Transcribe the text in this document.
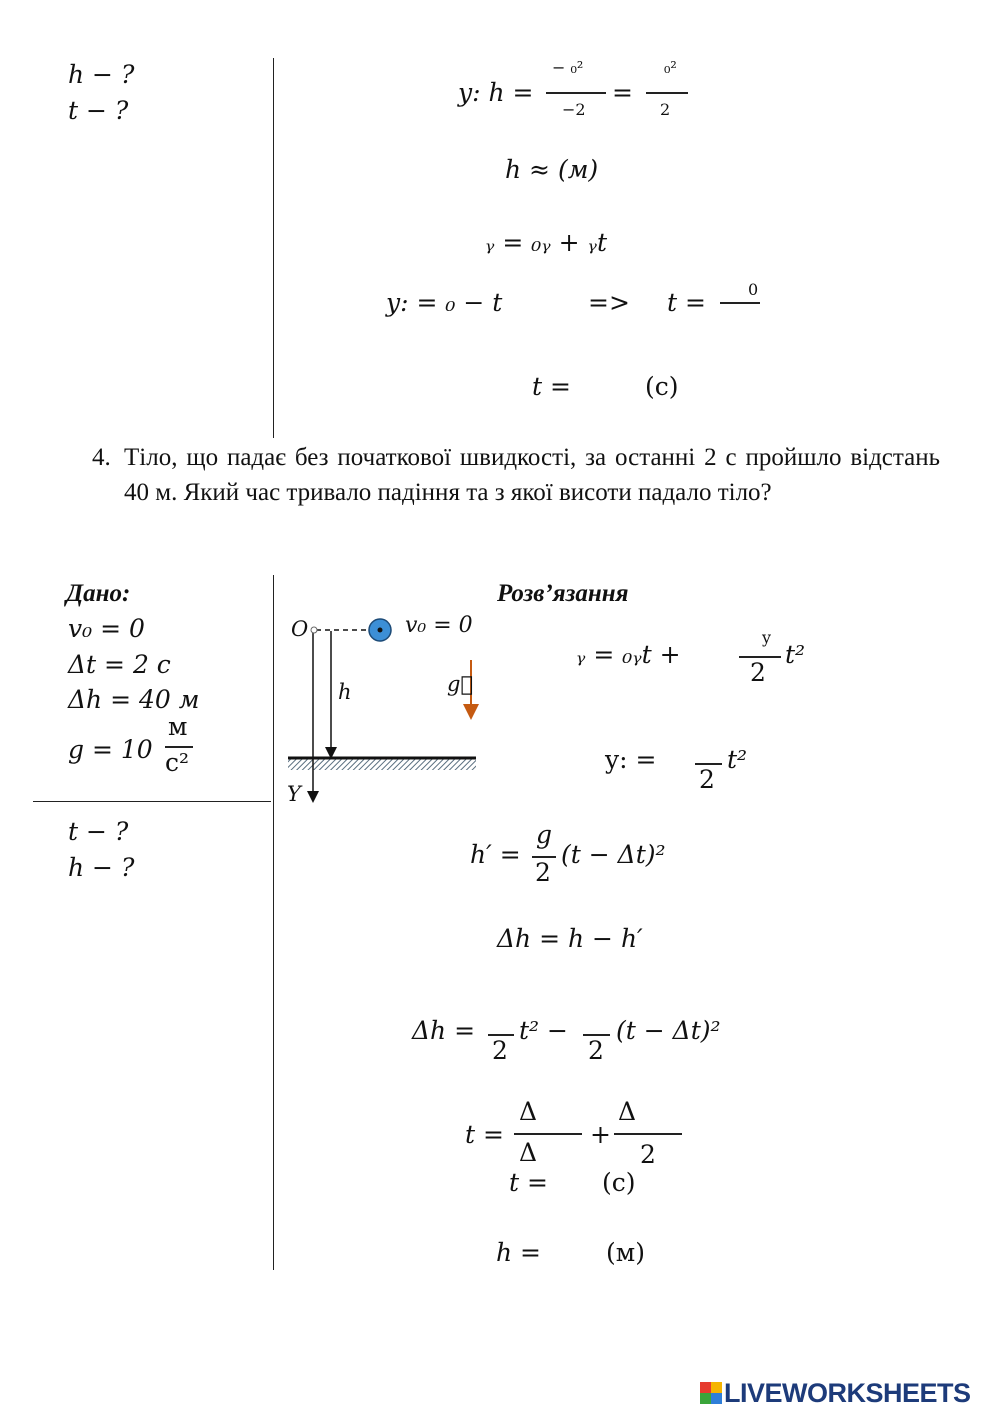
h − ?
t − ?
y: h =
− ₀²
−2
=
₀²
2
h ≈ (м)
ᵧ = ₀ᵧ + ᵧt
y: = ₀ − t	=> t =	0
t =	(с)
4. Тіло, що падає без початкової швидкості, за останні 2 с пройшло відстань 40 м. Який час тривало падіння та з якої висоти падало тіло?
Дано:
v₀ = 0
Δt = 2 с
Δh = 40 м
g = 10
м
с²
t − ?
h − ?
O	v₀ = 0
h	g⃗
Y
Розв’язання
ᵧ = ₀ᵧt +
y
2
t²
y: =
2
t²
h′ =
g
2
(t − Δt)²
Δh = h − h′
Δh =
2
t² −
2
(t − Δt)²
t =
Δ
Δ
+
Δ
2
t = (с)
h =	(м)
LIVEWORKSHEETS
